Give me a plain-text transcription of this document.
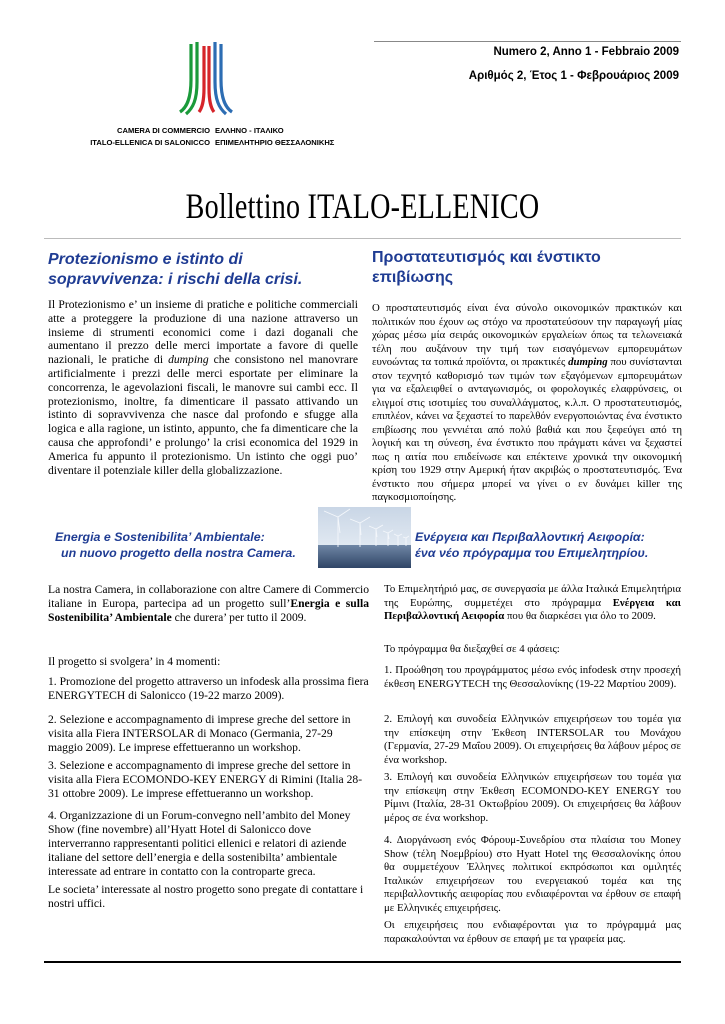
Numero 2, Anno 1 - Febbraio 2009
Αριθμός 2, Έτος 1 - Φεβρουάριος 2009
CAMERA DI COMMERCIO
ITALO-ELLENICA DI SALONICCO
ΕΛΛΗΝΟ - ΙΤΑΛΙΚΟ
ΕΠΙΜΕΛΗΤΗΡΙΟ ΘΕΣΣΑΛΟΝΙΚΗΣ
Bollettino ITALO-ELLENICO
Protezionismo e istinto di
sopravvivenza: i rischi della crisi.
Προστατευτισμός και ένστικτο
επιβίωσης
Il Protezionismo e’ un insieme di pratiche e politiche commerciali atte a proteggere la produzione di una nazione attraverso un insieme di strumenti economici come i dazi doganali che aumentano il prezzo delle merci importate a favore di quelle nazionali, le pratiche di dumping che consistono nel manovrare artificialmente i prezzi delle merci esportate per eliminare la concorrenza, le agevolazioni fiscali, le manovre sui cambi ecc. Il protezionismo, inoltre, fa dimenticare il passato attivando un istinto di sopravvivenza che nasce dal profondo e sfugge alla logica e alla ragione, un istinto, appunto, che fa dimenticare che la causa che approfondi’ e prolungo’ la crisi economica del 1929 in America fu appunto il protezionismo. Un istinto che oggi puo’ diventare il potenziale killer della globalizzazione.
Ο προστατευτισμός είναι ένα σύνολο οικονομικών πρακτικών και πολιτικών που έχουν ως στόχο να προστατεύσουν την παραγωγή μίας χώρας μέσω μία σειράς οικονομικών εργαλείων όπως τα τελωνειακά τέλη που αυξάνουν την τιμή των εισαγόμενων εμπορευμάτων ευνοώντας τα τοπικά προϊόντα, οι πρακτικές dumping που συνίστανται στον τεχνητό καθορισμό των τιμών των εξαγόμενων εμπορευμάτων για να εξαλειφθεί ο ανταγωνισμός, οι φορολογικές ελαφρύνσεις, οι ελιγμοί στις ισοτιμίες του συναλλάγματος, κ.λ.π. Ο προστατευτισμός, επιπλέον, κάνει να ξεχαστεί το παρελθόν ενεργοποιώντας ένα ένστικτο επιβίωσης που γεννιέται από πολύ βαθιά και που ξεφεύγει από τη λογική και τη σύνεση, ένα ένστικτο που πράγματι κάνει να ξεχαστεί πως η αιτία που επιδείνωσε και επέκτεινε χρονικά την οικονομική κρίση του 1929 στην Αμερική ήταν ακριβώς ο προστατευτισμός. Ένα ένστικτο που σήμερα μπορεί να γίνει ο εν δυνάμει killer της παγκοσμιοποίησης.
Energia e Sostenibilita’ Ambientale:
un nuovo progetto della nostra Camera.
Ενέργεια και Περιβαλλοντική Αειφορία:
ένα νέο πρόγραμμα του Επιμελητηρίου.
La nostra Camera, in collaborazione con altre Camere di Commercio italiane in Europa, partecipa ad un progetto sull’Energia e sulla Sostenibilita’ Ambientale che durera’ per tutto il 2009.
Il progetto si svolgera’ in 4 momenti:
1. Promozione del progetto attraverso un infodesk alla prossima fiera ENERGYTECH di Salonicco (19-22 marzo 2009).
2. Selezione e accompagnamento di imprese greche del settore in visita alla Fiera INTERSOLAR di Monaco (Germania, 27-29 maggio 2009). Le imprese effettueranno un workshop.
3. Selezione e accompagnamento di imprese greche del settore in visita alla Fiera ECOMONDO-KEY ENERGY di Rimini (Italia 28-31 ottobre 2009). Le imprese effettueranno un workshop.
4. Organizzazione di un Forum-convegno nell’ambito del Money Show (fine novembre) all’Hyatt Hotel di Salonicco dove interverranno rappresentanti politici ellenici e relatori di aziende italiane del settore dell’energia e della sostenibilta’ ambientale interessate ad entrare in contatto con la controparte greca.
Le societa’ interessate al nostro progetto sono pregate di contattare i nostri uffici.
Το Επιμελητήριό μας, σε συνεργασία με άλλα Ιταλικά Επιμελητήρια της Ευρώπης, συμμετέχει στο πρόγραμμα Ενέργεια και Περιβαλλοντική Αειφορία που θα διαρκέσει για όλο το 2009.
Το πρόγραμμα θα διεξαχθεί σε 4 φάσεις:
1. Προώθηση του προγράμματος μέσω ενός infodesk στην προσεχή έκθεση ENERGYTECH της Θεσσαλονίκης (19-22 Μαρτίου 2009).
2. Επιλογή και συνοδεία Ελληνικών επιχειρήσεων του τομέα για την επίσκεψη στην Έκθεση INTERSOLAR του Μονάχου (Γερμανία, 27-29 Μαΐου 2009). Οι επιχειρήσεις θα λάβουν μέρος σε ένα workshop.
3. Επιλογή και συνοδεία Ελληνικών επιχειρήσεων του τομέα για την επίσκεψη στην Έκθεση ECOMONDO-KEY ENERGY του Ρίμινι (Ιταλία, 28-31 Οκτωβρίου 2009). Οι επιχειρήσεις θα λάβουν μέρος σε ένα workshop.
4. Διοργάνωση ενός Φόρουμ-Συνεδρίου στα πλαίσια του Money Show (τέλη Νοεμβρίου) στο Hyatt Hotel της Θεσσαλονίκης όπου θα συμμετέχουν Έλληνες πολιτικοί εκπρόσωποι και ομιλητές Ιταλικών επιχειρήσεων του ενεργειακού τομέα και της περιβαλλοντικής αειφορίας που ενδιαφέρονται να έρθουν σε επαφή με Ελληνικές επιχειρήσεις.
Οι επιχειρήσεις που ενδιαφέρονται για το πρόγραμμά μας παρακαλούνται να έρθουν σε επαφή με τα γραφεία μας.
